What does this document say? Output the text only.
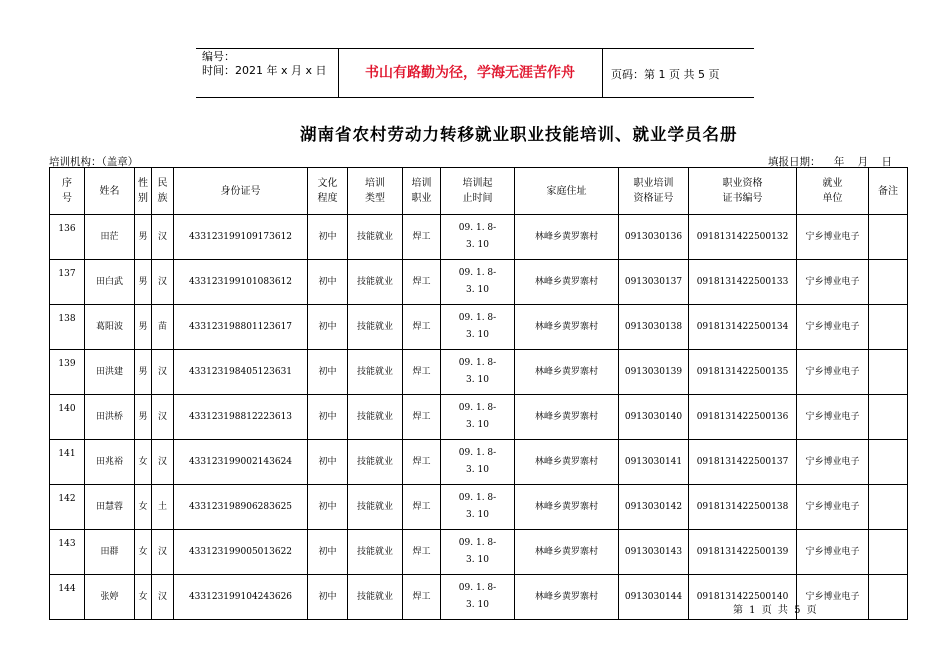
编号：
时间：2021 年 x 月 x 日	书山有路勤为径，学海无涯苦作舟	页码：第 1 页 共 5 页
湖南省农村劳动力转移就业职业技能培训、就业学员名册
培训机构：（盖章）	填报日期： 年 月 日
序
号	姓名	性
别	民
族	身份证号	文化
程度	培训
类型	培训
职业	培训起
止时间	家庭住址	职业培训
资格证号	职业资格
证书编号	就业
单位	备注
136	田茫	男	汉	433123199109173612	初中	技能就业	焊工	09. 1. 8-
3. 10	林峰乡黄罗寨村	0913030136	0918131422500132	宁乡博业电子	
137	田白武	男	汉	433123199101083612	初中	技能就业	焊工	09. 1. 8-
3. 10	林峰乡黄罗寨村	0913030137	0918131422500133	宁乡博业电子	
138	葛阳波	男	苗	433123198801123617	初中	技能就业	焊工	09. 1. 8-
3. 10	林峰乡黄罗寨村	0913030138	0918131422500134	宁乡博业电子	
139	田洪建	男	汉	433123198405123631	初中	技能就业	焊工	09. 1. 8-
3. 10	林峰乡黄罗寨村	0913030139	0918131422500135	宁乡博业电子	
140	田洪桥	男	汉	433123198812223613	初中	技能就业	焊工	09. 1. 8-
3. 10	林峰乡黄罗寨村	0913030140	0918131422500136	宁乡博业电子	
141	田兆裕	女	汉	433123199002143624	初中	技能就业	焊工	09. 1. 8-
3. 10	林峰乡黄罗寨村	0913030141	0918131422500137	宁乡博业电子	
142	田慧蓉	女	土	433123198906283625	初中	技能就业	焊工	09. 1. 8-
3. 10	林峰乡黄罗寨村	0913030142	0918131422500138	宁乡博业电子	
143	田群	女	汉	433123199005013622	初中	技能就业	焊工	09. 1. 8-
3. 10	林峰乡黄罗寨村	0913030143	0918131422500139	宁乡博业电子	
144	张婷	女	汉	433123199104243626	初中	技能就业	焊工	09. 1. 8-
3. 10	林峰乡黄罗寨村	0913030144	0918131422500140	宁乡博业电子	
第 1 页 共 5 页
